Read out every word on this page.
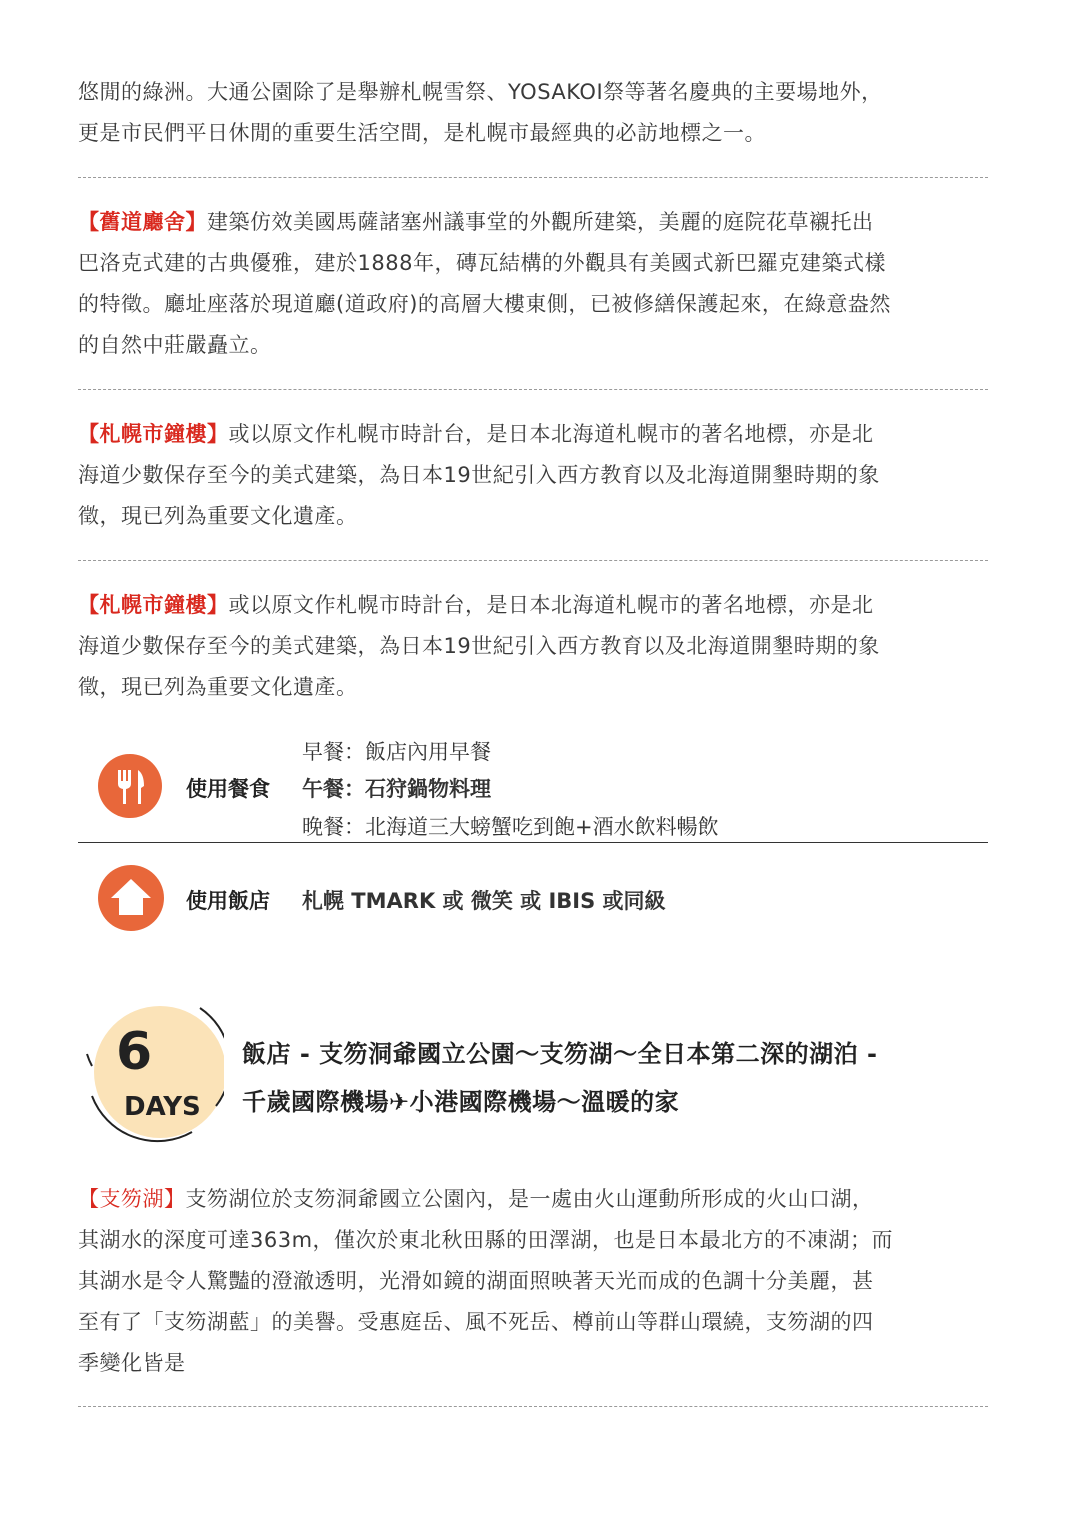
悠閒的綠洲。大通公園除了是舉辦札幌雪祭、YOSAKOI祭等著名慶典的主要場地外，
更是市民們平日休閒的重要生活空間，是札幌市最經典的必訪地標之一。

【舊道廳舍】建築仿效美國馬薩諸塞州議事堂的外觀所建築，美麗的庭院花草襯托出
巴洛克式建的古典優雅，建於1888年，磚瓦結構的外觀具有美國式新巴羅克建築式樣
的特徵。廳址座落於現道廳(道政府)的高層大樓東側，已被修繕保護起來，在綠意盎然
的自然中莊嚴矗立。

【札幌市鐘樓】或以原文作札幌市時計台，是日本北海道札幌市的著名地標，亦是北
海道少數保存至今的美式建築，為日本19世紀引入西方教育以及北海道開墾時期的象
徵，現已列為重要文化遺產。

【札幌市鐘樓】或以原文作札幌市時計台，是日本北海道札幌市的著名地標，亦是北
海道少數保存至今的美式建築，為日本19世紀引入西方教育以及北海道開墾時期的象
徵，現已列為重要文化遺產。

使用餐食
早餐：飯店內用早餐
午餐：石狩鍋物料理
晚餐：北海道三大螃蟹吃到飽+酒水飲料暢飲
使用飯店 札幌 TMARK 或 微笑 或 IBIS 或同級
6
DAYS
飯店 - 支笏洞爺國立公園～支笏湖～全日本第二深的湖泊 -
千歲國際機場✈小港國際機場～溫暖的家

【支笏湖】支笏湖位於支笏洞爺國立公園內，是一處由火山運動所形成的火山口湖，
其湖水的深度可達363m，僅次於東北秋田縣的田澤湖，也是日本最北方的不凍湖；而
其湖水是令人驚豔的澄澈透明，光滑如鏡的湖面照映著天光而成的色調十分美麗，甚
至有了「支笏湖藍」的美譽。受惠庭岳、風不死岳、樽前山等群山環繞，支笏湖的四
季變化皆是
